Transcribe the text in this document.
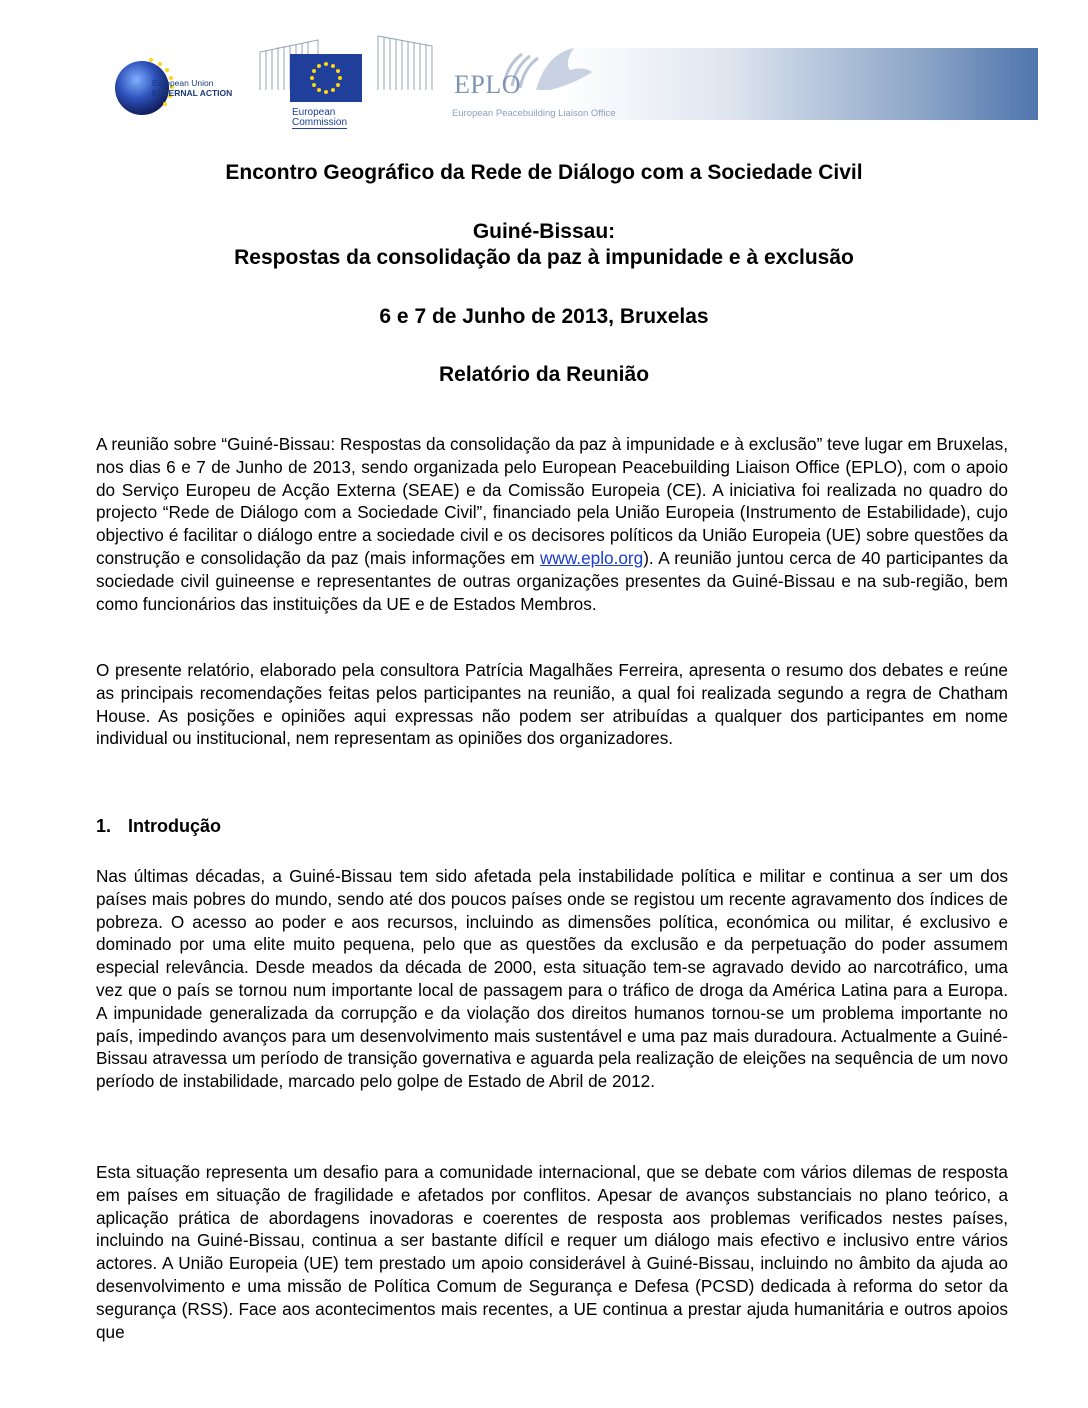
European Union
EXTERNAL ACTION
European
Commission
EPLO
European Peacebuilding Liaison Office
Encontro Geográfico da Rede de Diálogo com a Sociedade Civil
Guiné-Bissau:
Respostas da consolidação da paz à impunidade e à exclusão
6 e 7 de Junho de 2013, Bruxelas
Relatório da Reunião

A reunião sobre “Guiné-Bissau: Respostas da consolidação da paz à impunidade e à exclusão” teve lugar em Bruxelas, nos dias 6 e 7 de Junho de 2013, sendo organizada pelo European Peacebuilding Liaison Office (EPLO), com o apoio do Serviço Europeu de Acção Externa (SEAE) e da Comissão Europeia (CE). A iniciativa foi realizada no quadro do projecto “Rede de Diálogo com a Sociedade Civil”, financiado pela União Europeia (Instrumento de Estabilidade), cujo objectivo é facilitar o diálogo entre a sociedade civil e os decisores políticos da União Europeia (UE) sobre questões da construção e consolidação da paz (mais informações em www.eplo.org). A reunião juntou cerca de 40 participantes da sociedade civil guineense e representantes de outras organizações presentes da Guiné-Bissau e na sub-região, bem como funcionários das instituições da UE e de Estados Membros.

O presente relatório, elaborado pela consultora Patrícia Magalhães Ferreira, apresenta o resumo dos debates e reúne as principais recomendações feitas pelos participantes na reunião, a qual foi realizada segundo a regra de Chatham House. As posições e opiniões aqui expressas não podem ser atribuídas a qualquer dos participantes em nome individual ou institucional, nem representam as opiniões dos organizadores.

1. Introdução

Nas últimas décadas, a Guiné-Bissau tem sido afetada pela instabilidade política e militar e continua a ser um dos países mais pobres do mundo, sendo até dos poucos países onde se registou um recente agravamento dos índices de pobreza. O acesso ao poder e aos recursos, incluindo as dimensões política, económica ou militar, é exclusivo e dominado por uma elite muito pequena, pelo que as questões da exclusão e da perpetuação do poder assumem especial relevância. Desde meados da década de 2000, esta situação tem-se agravado devido ao narcotráfico, uma vez que o país se tornou num importante local de passagem para o tráfico de droga da América Latina para a Europa. A impunidade generalizada da corrupção e da violação dos direitos humanos tornou-se um problema importante no país, impedindo avanços para um desenvolvimento mais sustentável e uma paz mais duradoura. Actualmente a Guiné-Bissau atravessa um período de transição governativa e aguarda pela realização de eleições na sequência de um novo período de instabilidade, marcado pelo golpe de Estado de Abril de 2012.

Esta situação representa um desafio para a comunidade internacional, que se debate com vários dilemas de resposta em países em situação de fragilidade e afetados por conflitos. Apesar de avanços substanciais no plano teórico, a aplicação prática de abordagens inovadoras e coerentes de resposta aos problemas verificados nestes países, incluindo na Guiné-Bissau, continua a ser bastante difícil e requer um diálogo mais efectivo e inclusivo entre vários actores. A União Europeia (UE) tem prestado um apoio considerável à Guiné-Bissau, incluindo no âmbito da ajuda ao desenvolvimento e uma missão de Política Comum de Segurança e Defesa (PCSD) dedicada à reforma do setor da segurança (RSS). Face aos acontecimentos mais recentes, a UE continua a prestar ajuda humanitária e outros apoios que
